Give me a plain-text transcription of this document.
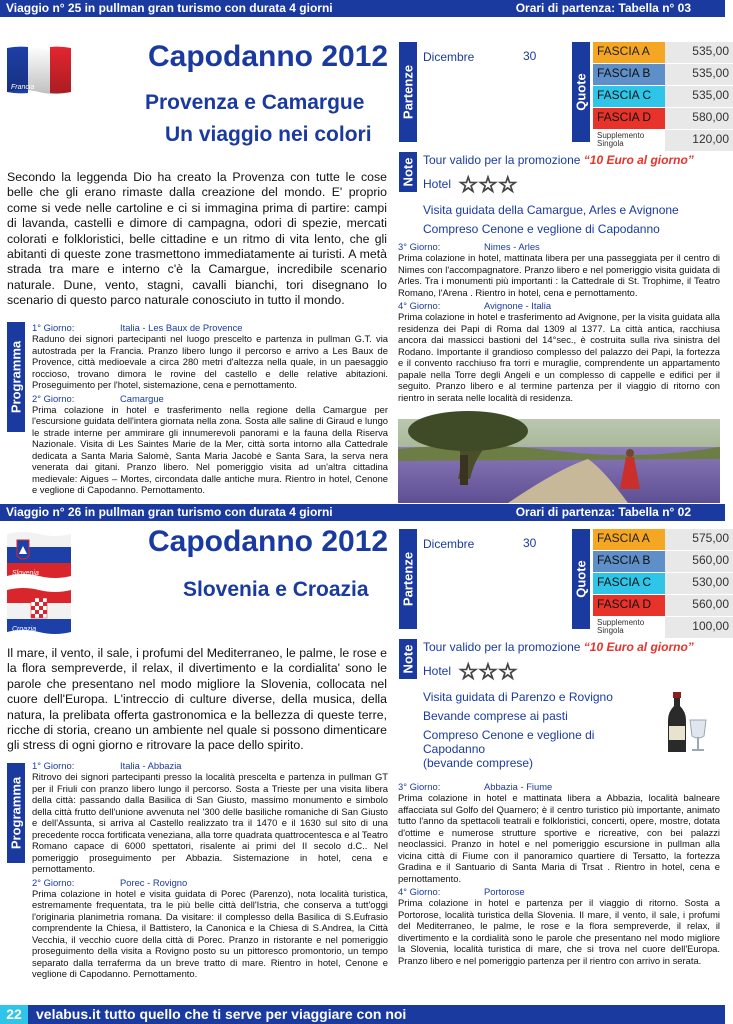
Viaggio n° 25 in pullman gran turismo con durata 4 giorni	Orari di partenza: Tabella n° 03
Francia
Capodanno 2012
Provenza e Camargue
Un viaggio nei colori
Secondo la leggenda Dio ha creato la Provenza con tutte le cose belle che gli erano rimaste dalla creazione del mondo. E' proprio come si vede nelle cartoline e ci si immagina prima di partire: campi di lavanda, castelli e dimore di campagna, odori di spezie, mercati colorati e folkloristici, belle cittadine e un ritmo di vita lento, che gli abitanti di queste zone trasmettono immediatamente ai turisti. A metà strada tra mare e interno c'è la Camargue, incredibile scenario naturale. Dune, vento, stagni, cavalli bianchi, tori disegnano lo scenario di questo parco naturale conosciuto in tutto il mondo.
Partenze
Dicembre	30
Quote
FASCIA A	535,00
FASCIA B	535,00
FASCIA C	535,00
FASCIA D	580,00
Supplemento Singola	120,00
Note Tour valido per la promozione “10 Euro al giorno”
Hotel ☆☆☆
Visita guidata della Camargue, Arles e Avignone
Compreso Cenone e veglione di Capodanno
Programma
1° Giorno:	Italia - Les Baux de Provence
Raduno dei signori partecipanti nel luogo prescelto e partenza in pullman G.T. via autostrada per la Francia. Pranzo libero lungo il percorso e arrivo a Les Baux de Provence, città medioevale a circa 280 metri d'altezza nella quale, in un paesaggio roccioso, trovano dimora le rovine del castello e delle relative abitazioni. Proseguimento per l'hotel, sistemazione, cena e pernottamento.
2° Giorno:	Camargue
Prima colazione in hotel e trasferimento nella regione della Camargue per l'escursione guidata dell'intera giornata nella zona. Sosta alle saline di Giraud e lungo le strade interne per ammirare gli innumerevoli panorami e la fauna della Riserva Nazionale. Visita di Les Saintes Marie de la Mer, città sorta intorno alla Cattedrale dedicata a Santa Maria Salomè, Santa Maria Jacobè e Santa Sara, la serva nera venerata dai gitani. Pranzo libero. Nel pomeriggio visita ad un'altra cittadina medievale: Aigues – Mortes, circondata dalle antiche mura. Rientro in hotel, Cenone e veglione di Capodanno. Pernottamento.
3° Giorno:	Nimes - Arles
Prima colazione in hotel, mattinata libera per una passeggiata per il centro di Nimes con l'accompagnatore. Pranzo libero e nel pomeriggio visita guidata di Arles. Tra i monumenti più importanti : la Cattedrale di St. Trophime, il Teatro Romano, l'Arena . Rientro in hotel, cena e pernottamento.
4° Giorno:	Avignone - Italia
Prima colazione in hotel e trasferimento ad Avignone, per la visita guidata alla residenza dei Papi di Roma dal 1309 al 1377. La città antica, racchiusa ancora dai massicci bastioni del 14°sec., è costruita sulla riva sinistra del Rodano. Importante il grandioso complesso del palazzo dei Papi, la fortezza e il convento racchiuso fra torri e muraglie, comprendente un appartamento papale nella Torre degli Angeli e un complesso di cappelle e edifici per il seguito. Pranzo libero e al termine partenza per il viaggio di ritorno con rientro in serata nelle località di residenza.
Viaggio n° 26 in pullman gran turismo con durata 4 giorni	Orari di partenza: Tabella n° 02
Slovenia
Croazia
Capodanno 2012
Slovenia e Croazia
Il mare, il vento, il sale, i profumi del Mediterraneo, le palme, le rose e la flora sempreverde, il relax, il divertimento e la cordialita' sono le parole che presentano nel modo migliore la Slovenia, collocata nel cuore dell'Europa. L'intreccio di culture diverse, della musica, della natura, la prelibata offerta gastronomica e la bellezza di queste terre, ricche di storia, creano un ambiente nel quale si possono dimenticare gli stress di ogni giorno e ritrovare la pace dello spirito.
Partenze
Dicembre	30
Quote
FASCIA A	575,00
FASCIA B	560,00
FASCIA C	530,00
FASCIA D	560,00
Supplemento Singola	100,00
Note Tour valido per la promozione “10 Euro al giorno”
Hotel ☆☆☆
Visita guidata di Parenzo e Rovigno
Bevande comprese ai pasti
Compreso Cenone e veglione di Capodanno
(bevande comprese)
Programma
1° Giorno:	Italia - Abbazia
Ritrovo dei signori partecipanti presso la località prescelta e partenza in pullman GT per il Friuli con pranzo libero lungo il percorso. Sosta a Trieste per una visita libera della città: passando dalla Basilica di San Giusto, massimo monumento e simbolo della città frutto dell'unione avvenuta nel '300 delle basiliche romaniche di San Giusto e dell'Assunta, si arriva al Castello realizzato tra il 1470 e il 1630 sul sito di una precedente rocca fortificata veneziana, alla torre quadrata quattrocentesca e al Teatro Romano capace di 6000 spettatori, risalente ai primi del II secolo d.C.. Nel pomeriggio proseguimento per Abbazia. Sistemazione in hotel, cena e pernottamento.
2° Giorno:	Porec - Rovigno
Prima colazione in hotel e visita guidata di Porec (Parenzo), nota località turistica, estremamente frequentata, tra le più belle città dell'Istria, che conserva a tutt'oggi l'originaria planimetria romana. Da visitare: il complesso della Basilica di S.Eufrasio comprendente la Chiesa, il Battistero, la Canonica e la Chiesa di S.Andrea, la Città Vecchia, il vecchio cuore della città di Porec. Pranzo in ristorante e nel pomeriggio proseguimento della visita a Rovigno posto su un pittoresco promontorio, un tempo separato dalla terraferma da un breve tratto di mare. Rientro in hotel, Cenone e veglione di Capodanno. Pernottamento.
3° Giorno:	Abbazia - Fiume
Prima colazione in hotel e mattinata libera a Abbazia, località balneare affacciata sul Golfo del Quarnero; è il centro turistico più importante, animato tutto l'anno da spettacoli teatrali e folkloristici, concerti, opere, mostre, dotata d'ottime e numerose strutture sportive e ricreative, con bei palazzi neoclassici. Pranzo in hotel e nel pomeriggio escursione in pullman alla vicina città di Fiume con il panoramico quartiere di Tersatto, la fortezza Gradina e il Santuario di Santa Maria di Trsat . Rientro in hotel, cena e pernottamento.
4° Giorno:	Portorose
Prima colazione in hotel e partenza per il viaggio di ritorno. Sosta a Portorose, località turistica della Slovenia. Il mare, il vento, il sale, i profumi del Mediterraneo, le palme, le rose e la flora sempreverde, il relax, il divertimento e la cordialità sono le parole che presentano nel modo migliore la Slovenia, località turistica di mare, che si trova nel cuore dell'Europa. Pranzo libero e nel pomeriggio partenza per il rientro con arrivo in serata.
22	velabus.it tutto quello che ti serve per viaggiare con noi
